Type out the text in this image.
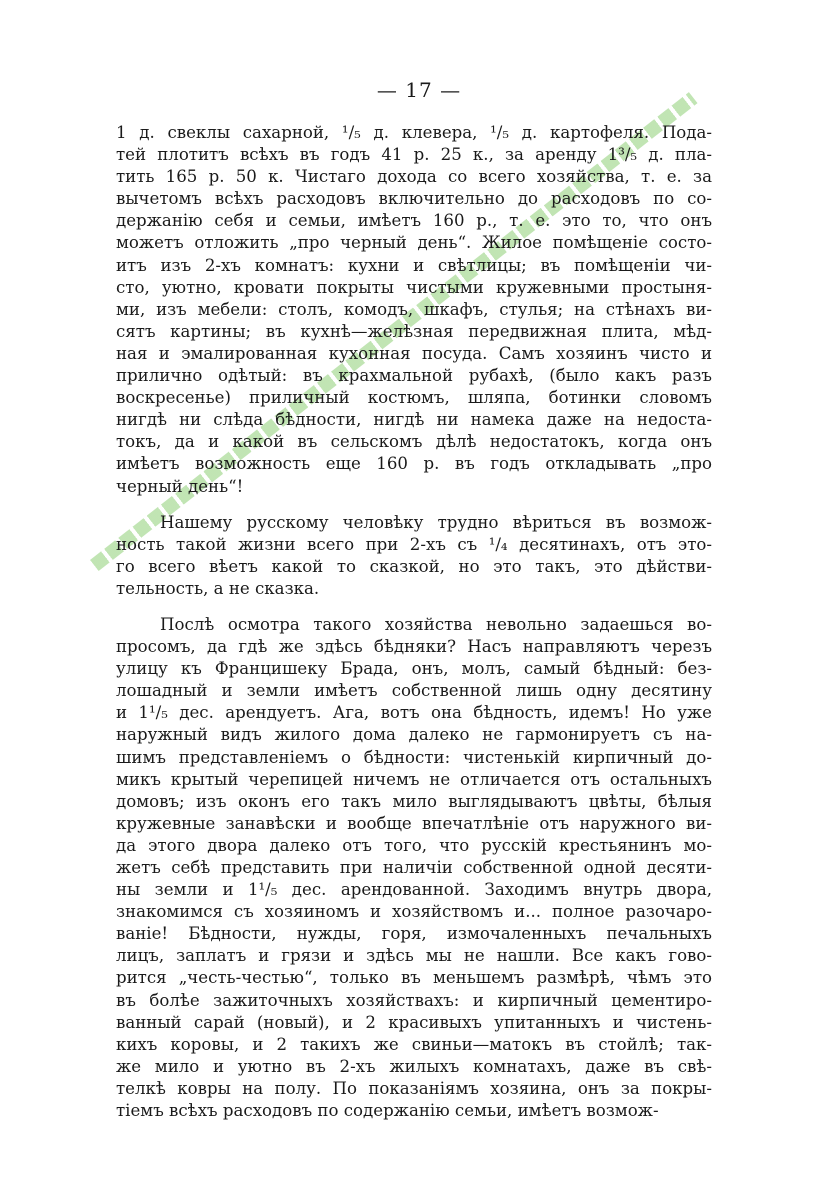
— 17 —
1 д. свеклы сахарной, ¹/₅ д. клевера, ¹/₅ д. картофеля. Пода-
тей плотитъ всѣхъ въ годъ 41 р. 25 к., за аренду 1³/₅ д. пла-
тить 165 р. 50 к. Чистаго дохода со всего хозяйства, т. е. за
вычетомъ всѣхъ расходовъ включительно до расходовъ по со-
держанію себя и семьи, имѣетъ 160 р., т. е. это то, что онъ
можетъ отложить „про черный день“. Жилое помѣщеніе состо-
итъ изъ 2-хъ комнатъ: кухни и свѣтлицы; въ помѣщеніи чи-
сто, уютно, кровати покрыты чистыми кружевными простыня-
ми, изъ мебели: столъ, комодъ, шкафъ, стулья; на стѣнахъ ви-
сятъ картины; въ кухнѣ—желѣзная передвижная плита, мѣд-
ная и эмалированная кухонная посуда. Самъ хозяинъ чисто и
прилично одѣтый: въ крахмальной рубахѣ, (было какъ разъ
воскресенье) приличный костюмъ, шляпа, ботинки словомъ
нигдѣ ни слѣда бѣдности, нигдѣ ни намека даже на недоста-
токъ, да и какой въ сельскомъ дѣлѣ недостатокъ, когда онъ
имѣетъ возможность еще 160 р. въ годъ откладывать „про
черный день“!
Нашему русскому человѣку трудно вѣриться въ возмож-
ность такой жизни всего при 2-хъ съ ¹/₄ десятинахъ, отъ это-
го всего вѣетъ какой то сказкой, но это такъ, это дѣйстви-
тельность, а не сказка.
Послѣ осмотра такого хозяйства невольно задаешься во-
просомъ, да гдѣ же здѣсь бѣдняки? Насъ направляютъ черезъ
улицу къ Францишеку Брада, онъ, молъ, самый бѣдный: без-
лошадный и земли имѣетъ собственной лишь одну десятину
и 1¹/₅ дес. арендуетъ. Ага, вотъ она бѣдность, идемъ! Но уже
наружный видъ жилого дома далеко не гармонируетъ съ на-
шимъ представленіемъ о бѣдности: чистенькій кирпичный до-
микъ крытый черепицей ничемъ не отличается отъ остальныхъ
домовъ; изъ оконъ его такъ мило выглядываютъ цвѣты, бѣлыя
кружевные занавѣски и вообще впечатлѣніе отъ наружного ви-
да этого двора далеко отъ того, что русскій крестьянинъ мо-
жетъ себѣ представить при наличіи собственной одной десяти-
ны земли и 1¹/₅ дес. арендованной. Заходимъ внутрь двора,
знакомимся съ хозяиномъ и хозяйствомъ и... полное разочаро-
ваніе! Бѣдности, нужды, горя, измочаленныхъ печальныхъ
лицъ, заплатъ и грязи и здѣсь мы не нашли. Все какъ гово-
рится „честь-честью“, только въ меньшемъ размѣрѣ, чѣмъ это
въ болѣе зажиточныхъ хозяйствахъ: и кирпичный цементиро-
ванный сарай (новый), и 2 красивыхъ упитанныхъ и чистень-
кихъ коровы, и 2 такихъ же свиньи—матокъ въ стойлѣ; так-
же мило и уютно въ 2-хъ жилыхъ комнатахъ, даже въ свѣ-
телкѣ ковры на полу. По показаніямъ хозяина, онъ за покры-
тіемъ всѣхъ расходовъ по содержанію семьи, имѣетъ возмож-
